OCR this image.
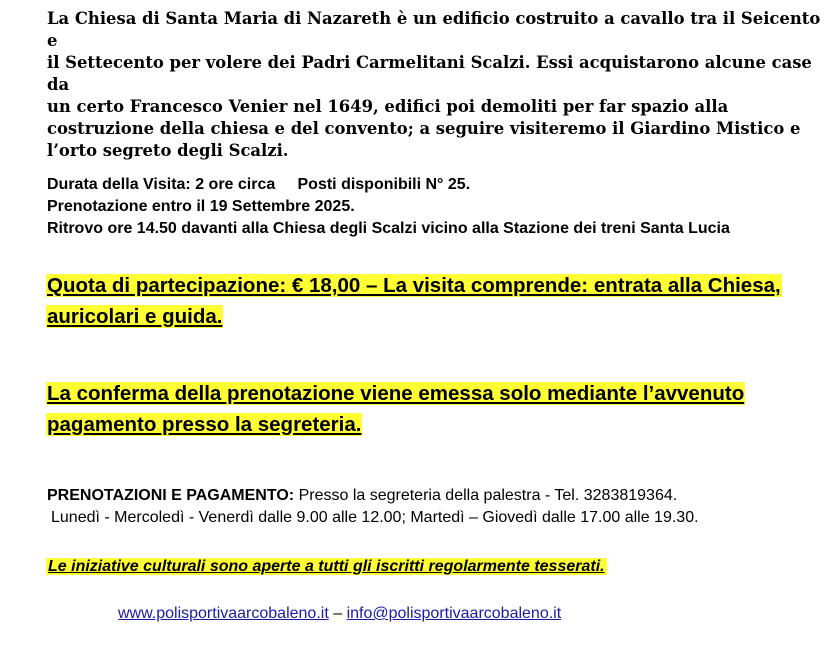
La Chiesa di Santa Maria di Nazareth è un edificio costruito a cavallo tra il Seicento e
il Settecento per volere dei Padri Carmelitani Scalzi. Essi acquistarono alcune case da
un certo Francesco Venier nel 1649, edifici poi demoliti per far spazio alla
costruzione della chiesa e del convento; a seguire visiteremo il Giardino Mistico e
l’orto segreto degli Scalzi.
Durata della Visita: 2 ore circa Posti disponibili N° 25.
Prenotazione entro il 19 Settembre 2025.
Ritrovo ore 14.50 davanti alla Chiesa degli Scalzi vicino alla Stazione dei treni Santa Lucia
Quota di partecipazione: € 18,00 – La visita comprende: entrata alla Chiesa,
auricolari e guida.
La conferma della prenotazione viene emessa solo mediante l’avvenuto
pagamento presso la segreteria.
PRENOTAZIONI E PAGAMENTO: Presso la segreteria della palestra - Tel. 3283819364.
Lunedì - Mercoledì - Venerdì dalle 9.00 alle 12.00; Martedì – Giovedì dalle 17.00 alle 19.30.
Le iniziative culturali sono aperte a tutti gli iscritti regolarmente tesserati.
www.polisportivaarcobaleno.it – info@polisportivaarcobaleno.it
